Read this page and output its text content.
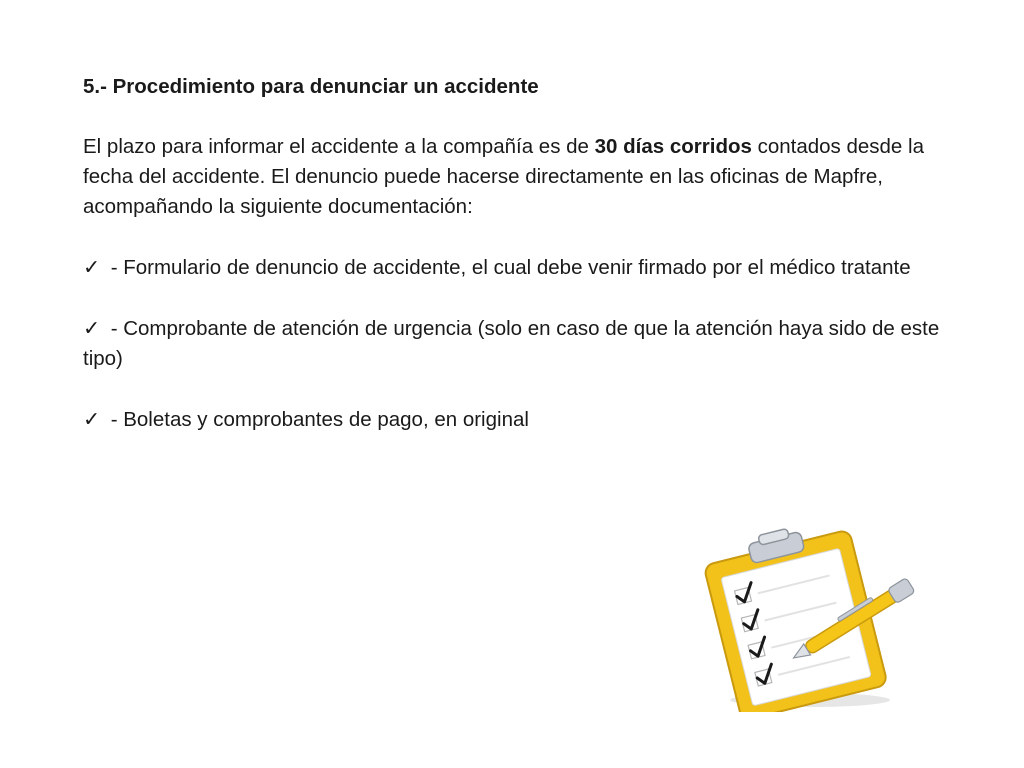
5.- Procedimiento para denunciar un accidente

El plazo para informar el accidente a la compañía es de 30 días corridos contados desde la fecha del accidente. El denuncio puede hacerse directamente en las oficinas de Mapfre, acompañando la siguiente documentación:

✓ - Formulario de denuncio de accidente, el cual debe venir firmado por el médico tratante

✓ - Comprobante de atención de urgencia (solo en caso de que la atención haya sido de este tipo)

✓ - Boletas y comprobantes de pago, en original
